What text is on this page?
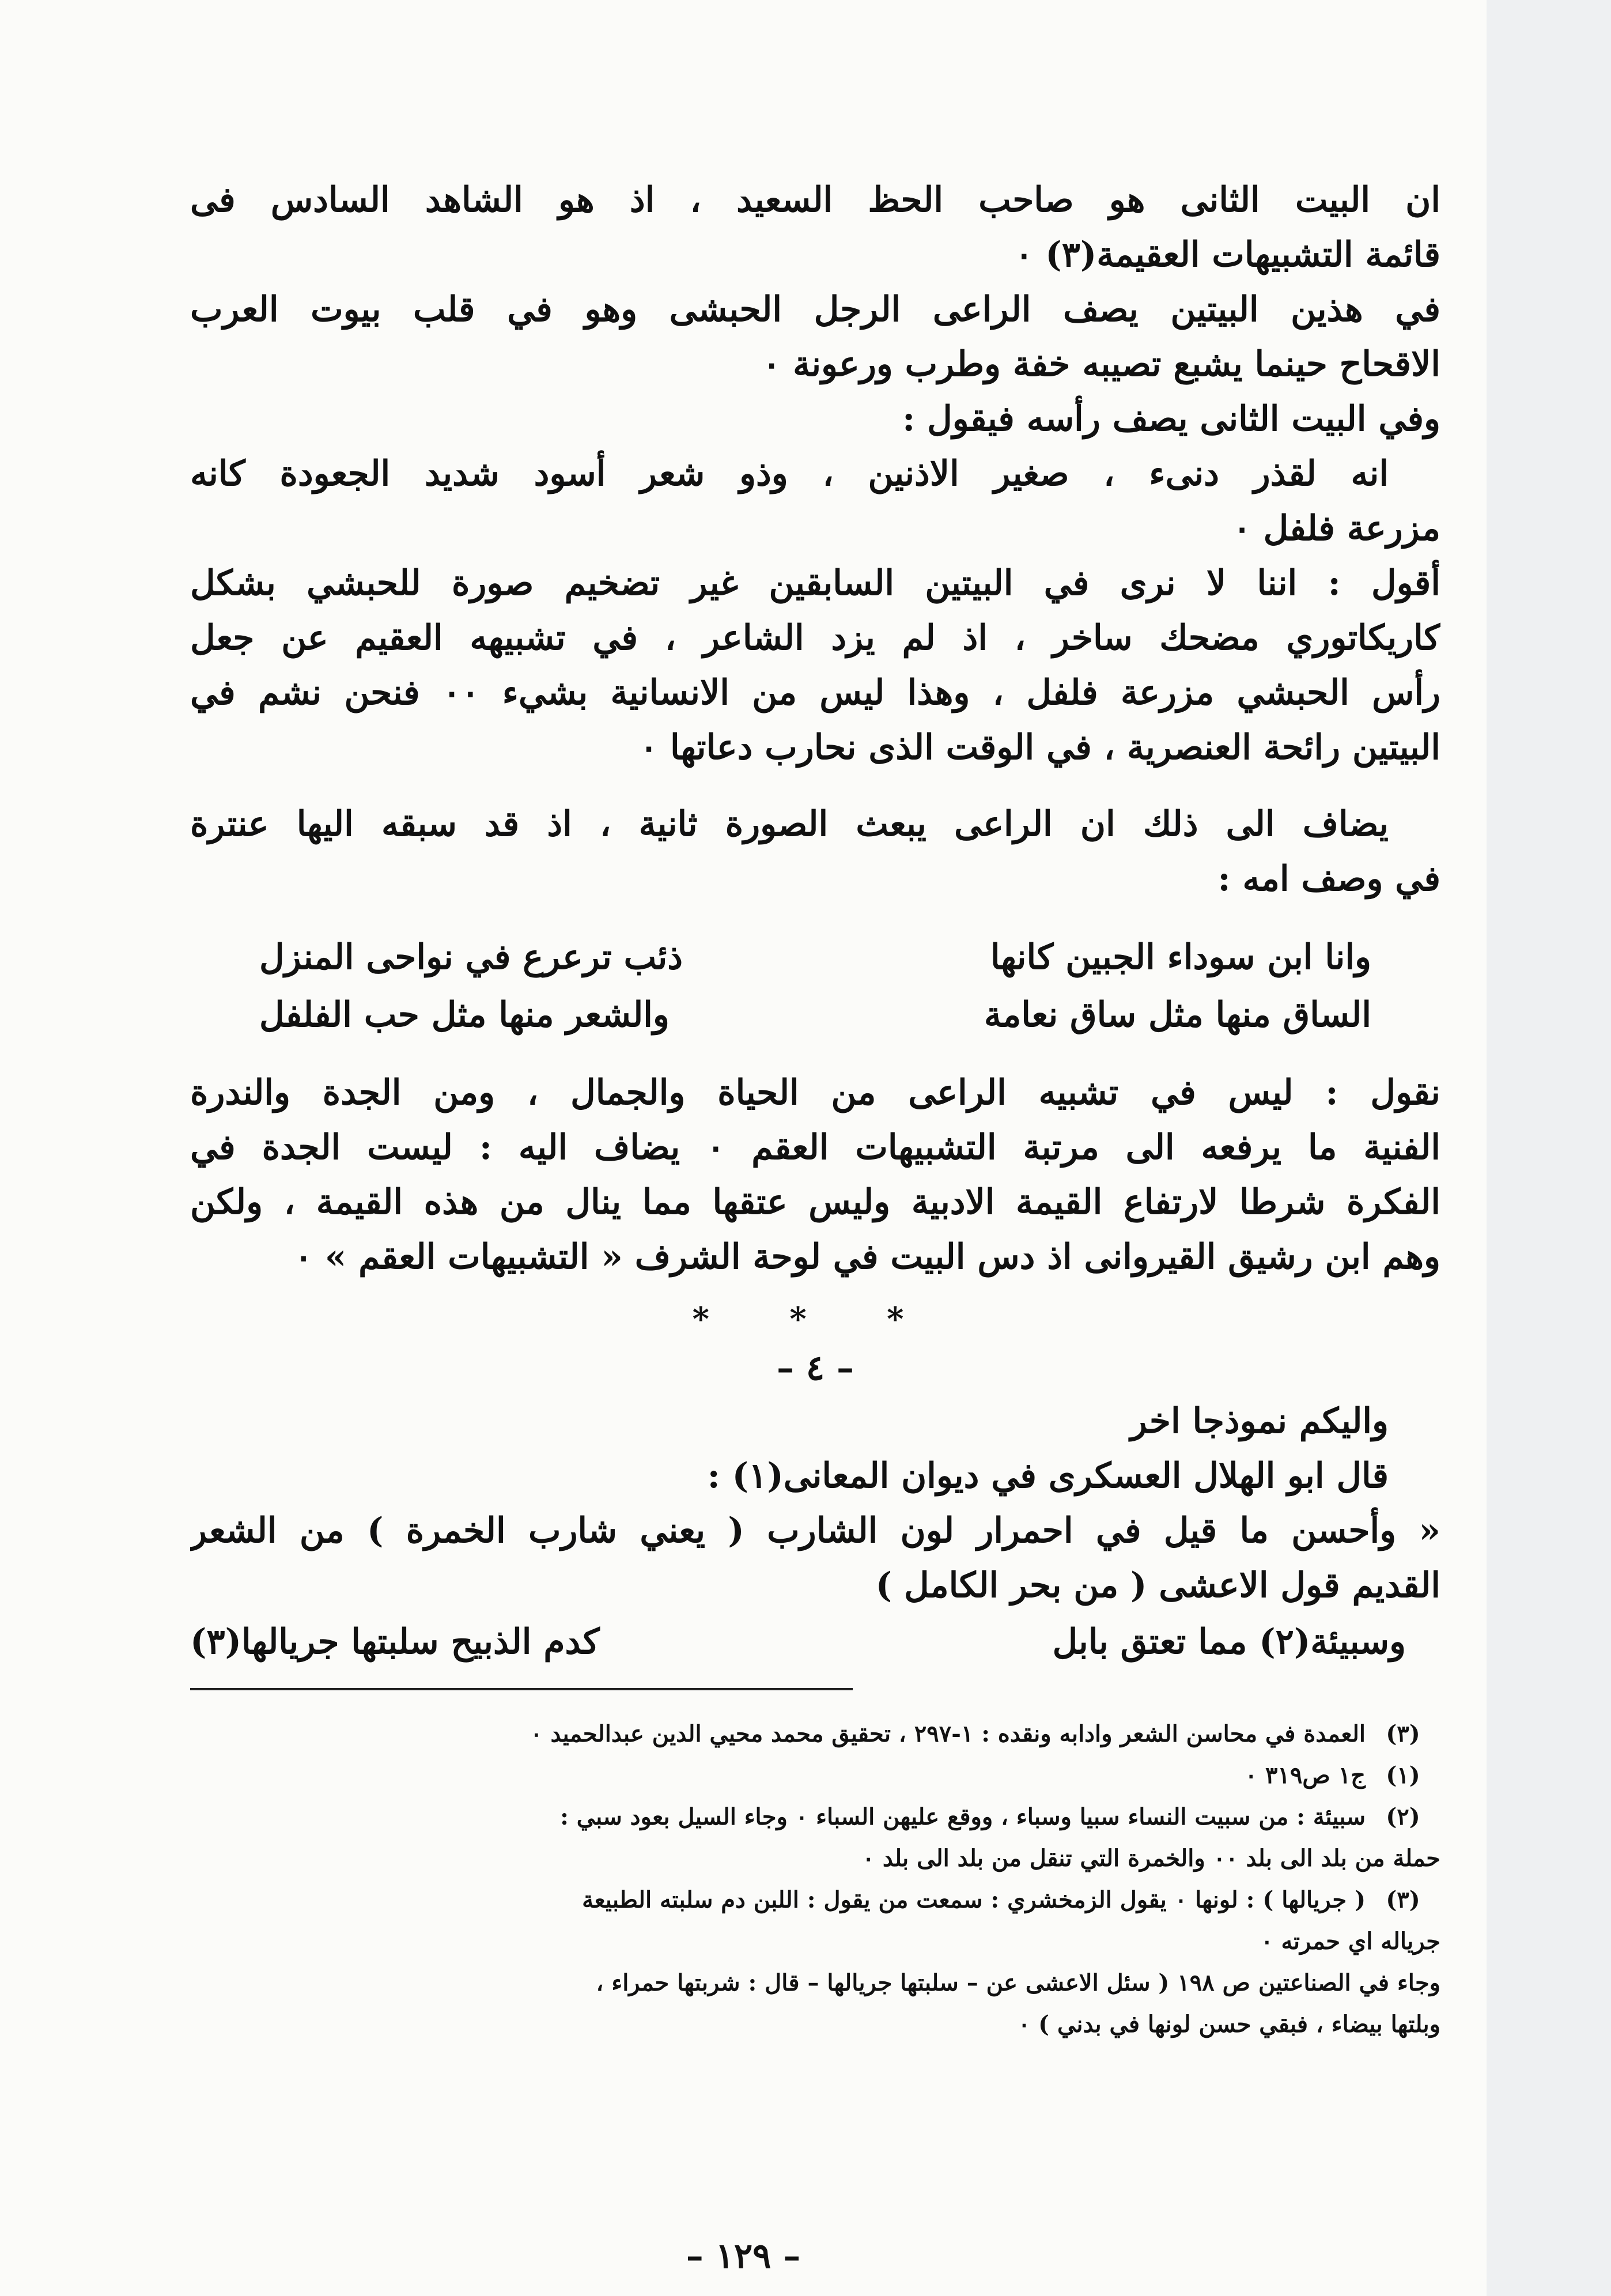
ان البيت الثانى هو صاحب الحظ السعيد ، اذ هو الشاهد السادس فى
قائمة التشبيهات العقيمة(٣) ٠
في هذين البيتين يصف الراعى الرجل الحبشى وهو في قلب بيوت العرب
الاقحاح حينما يشبع تصيبه خفة وطرب ورعونة ٠
وفي البيت الثانى يصف رأسه فيقول :
انه لقذر دنىء ، صغير الاذنين ، وذو شعر أسود شديد الجعودة كانه
مزرعة فلفل ٠
أقول : اننا لا نرى في البيتين السابقين غير تضخيم صورة للحبشي بشكل
كاريكاتوري مضحك ساخر ، اذ لم يزد الشاعر ، في تشبيهه العقيم عن جعل
رأس الحبشي مزرعة فلفل ، وهذا ليس من الانسانية بشيء ٠٠ فنحن نشم في
البيتين رائحة العنصرية ، في الوقت الذى نحارب دعاتها ٠
يضاف الى ذلك ان الراعى يبعث الصورة ثانية ، اذ قد سبقه اليها عنترة
في وصف امه :
وانا ابن سوداء الجبين كانها
ذئب ترعرع في نواحى المنزل
الساق منها مثل ساق نعامة
والشعر منها مثل حب الفلفل
نقول : ليس في تشبيه الراعى من الحياة والجمال ، ومن الجدة والندرة
الفنية ما يرفعه الى مرتبة التشبيهات العقم ٠ يضاف اليه : ليست الجدة في
الفكرة شرطا لارتفاع القيمة الادبية وليس عتقها مما ينال من هذه القيمة ، ولكن
وهم ابن رشيق القيروانى اذ دس البيت في لوحة الشرف « التشبيهات العقم » ٠
* * *
– ٤ –
واليكم نموذجا اخر
قال ابو الهلال العسكرى في ديوان المعانى(١) :
« وأحسن ما قيل في احمرار لون الشارب ( يعني شارب الخمرة ) من الشعر
القديم قول الاعشى ( من بحر الكامل )
وسبيئة(٢) مما تعتق بابل
كدم الذبيح سلبتها جريالها(٣)
(٣)العمدة في محاسن الشعر وادابه ونقده : ١-٢٩٧ ، تحقيق محمد محيي الدين عبدالحميد ٠
(١)ج١ ص٣١٩ ٠
(٢)سبيئة : من سبيت النساء سبيا وسباء ، ووقع عليهن السباء ٠ وجاء السيل بعود سبي :
حملة من بلد الى بلد ٠٠ والخمرة التي تنقل من بلد الى بلد ٠
(٣)( جريالها ) : لونها ٠ يقول الزمخشري : سمعت من يقول : اللبن دم سلبته الطبيعة
جرياله اي حمرته ٠
وجاء في الصناعتين ص ١٩٨ ( سئل الاعشى عن – سلبتها جريالها – قال : شربتها حمراء ،
وبلتها بيضاء ، فبقي حسن لونها في بدني ) ٠
– ١٢٩ –
